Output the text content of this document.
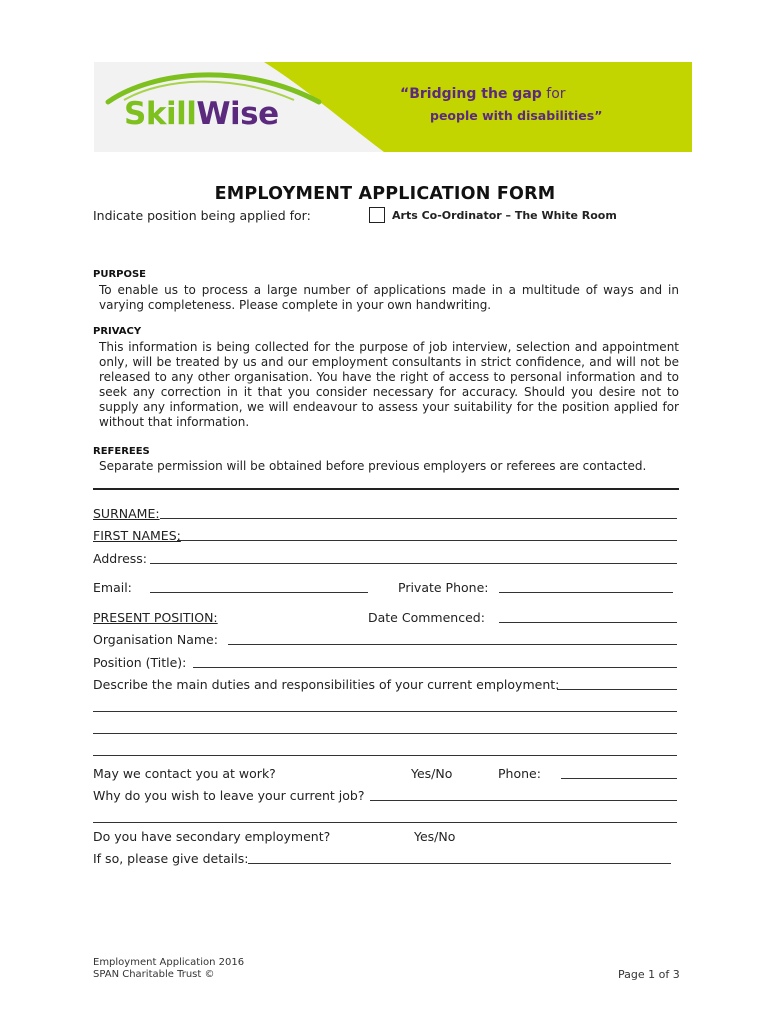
SkillWise
“Bridging the gap for
people with disabilities”
EMPLOYMENT APPLICATION FORM
Indicate position being applied for:	Arts Co-Ordinator – The White Room
PURPOSE
To enable us to process a large number of applications made in a multitude of ways and in varying completeness. Please complete in your own handwriting.
PRIVACY
This information is being collected for the purpose of job interview, selection and appointment only, will be treated by us and our employment consultants in strict confidence, and will not be released to any other organisation. You have the right of access to personal information and to seek any correction in it that you consider necessary for accuracy. Should you desire not to supply any information, we will endeavour to assess your suitability for the position applied for without that information.
REFEREES
Separate permission will be obtained before previous employers or referees are contacted.
SURNAME:
FIRST NAMES:
Address:
Email:	Private Phone:
PRESENT POSITION:	Date Commenced:
Organisation Name:
Position (Title):
Describe the main duties and responsibilities of your current employment:
May we contact you at work?	Yes/No	Phone:
Why do you wish to leave your current job?
Do you have secondary employment?	Yes/No
If so, please give details:
Employment Application 2016
SPAN Charitable Trust ©	Page 1 of 3
